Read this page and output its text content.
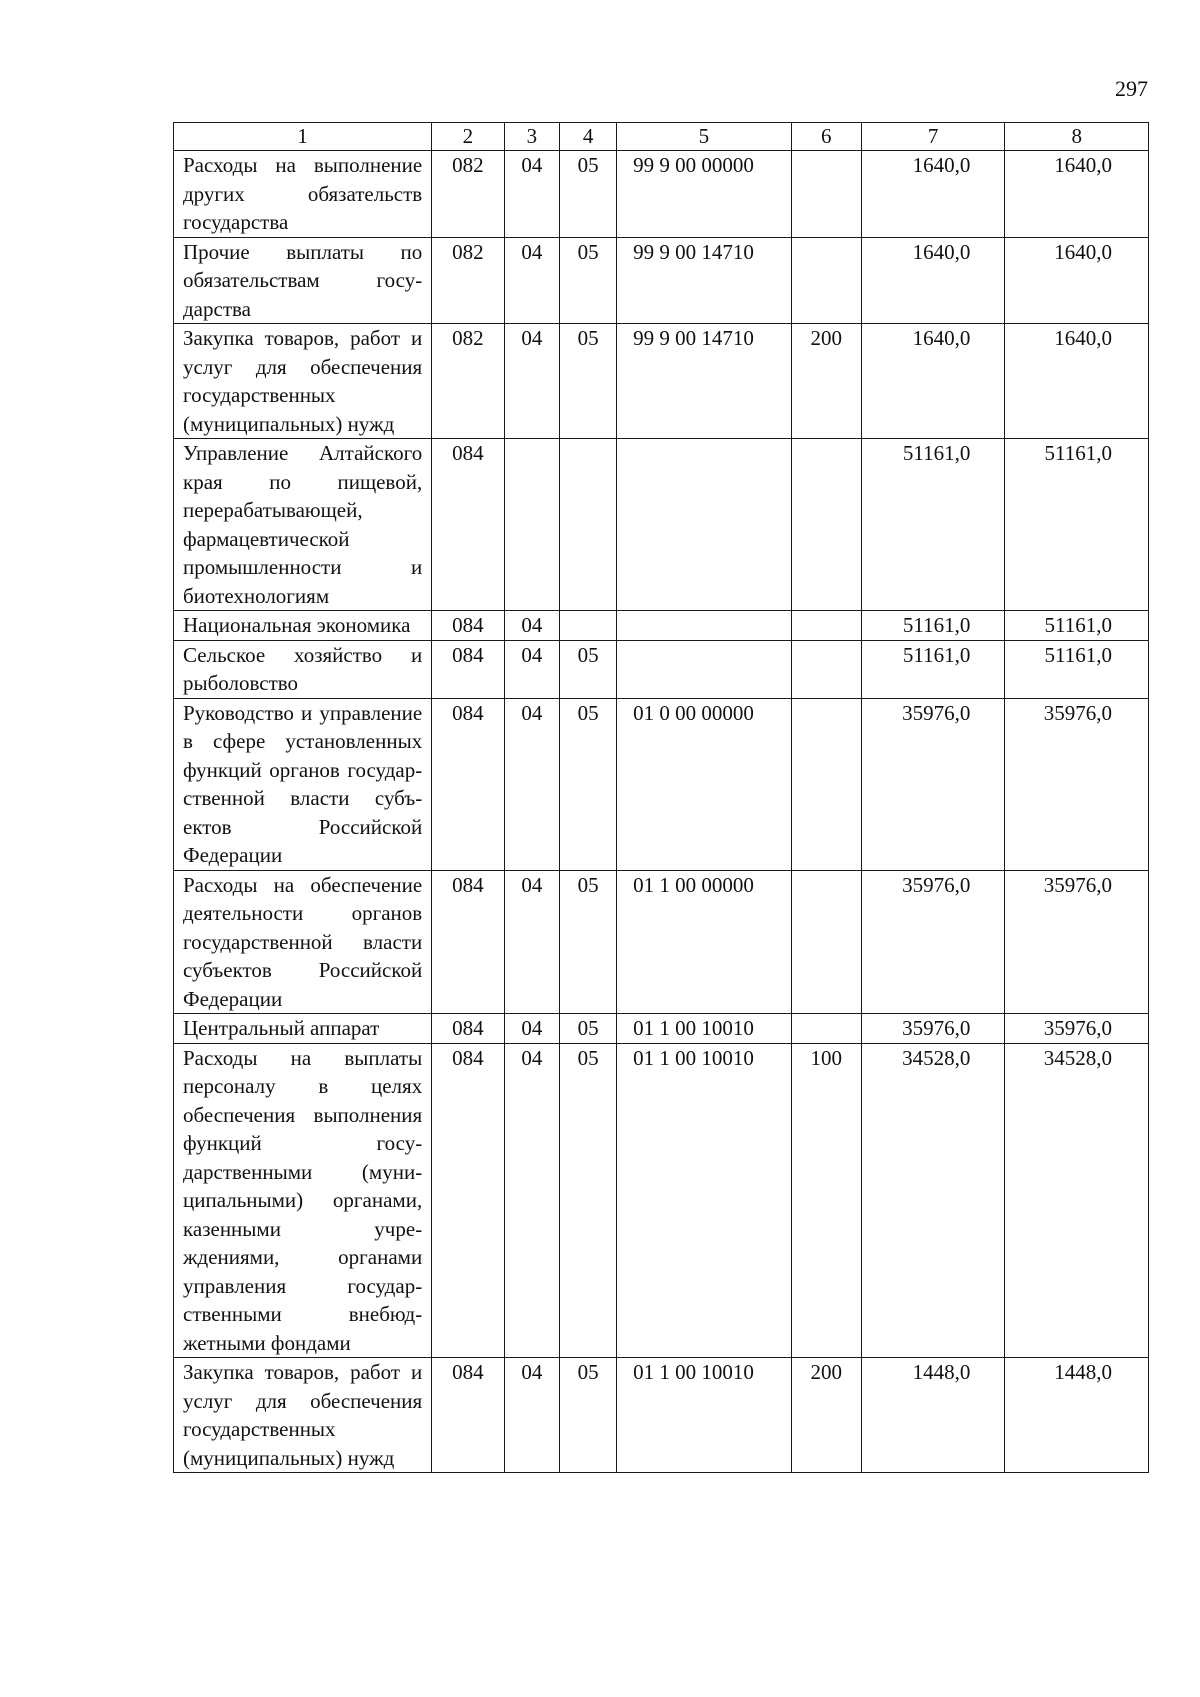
297
1	2	3	4	5	6	7	8
Расходы на выполнение других обязательств государства	082	04	05	99 9 00 00000		1640,0	1640,0
Прочие выплаты по обязательствам государства	082	04	05	99 9 00 14710		1640,0	1640,0
Закупка товаров, работ и услуг для обеспечения государственных (муниципальных) нужд	082	04	05	99 9 00 14710	200	1640,0	1640,0
Управление Алтайского края по пищевой, перерабатывающей, фармацевтической промышленности и биотехнологиям	084					51161,0	51161,0
Национальная экономика	084	04				51161,0	51161,0
Сельское хозяйство и рыболовство	084	04	05			51161,0	51161,0
Руководство и управление в сфере установленных функций органов государственной власти субъектов Российской Федерации	084	04	05	01 0 00 00000		35976,0	35976,0
Расходы на обеспечение деятельности органов государственной власти субъектов Российской Федерации	084	04	05	01 1 00 00000		35976,0	35976,0
Центральный аппарат	084	04	05	01 1 00 10010		35976,0	35976,0
Расходы на выплаты персоналу в целях обеспечения выполнения функций государственными (муниципальными) органами, казенными учреждениями, органами управления государственными внебюджетными фондами	084	04	05	01 1 00 10010	100	34528,0	34528,0
Закупка товаров, работ и услуг для обеспечения государственных (муниципальных) нужд	084	04	05	01 1 00 10010	200	1448,0	1448,0
